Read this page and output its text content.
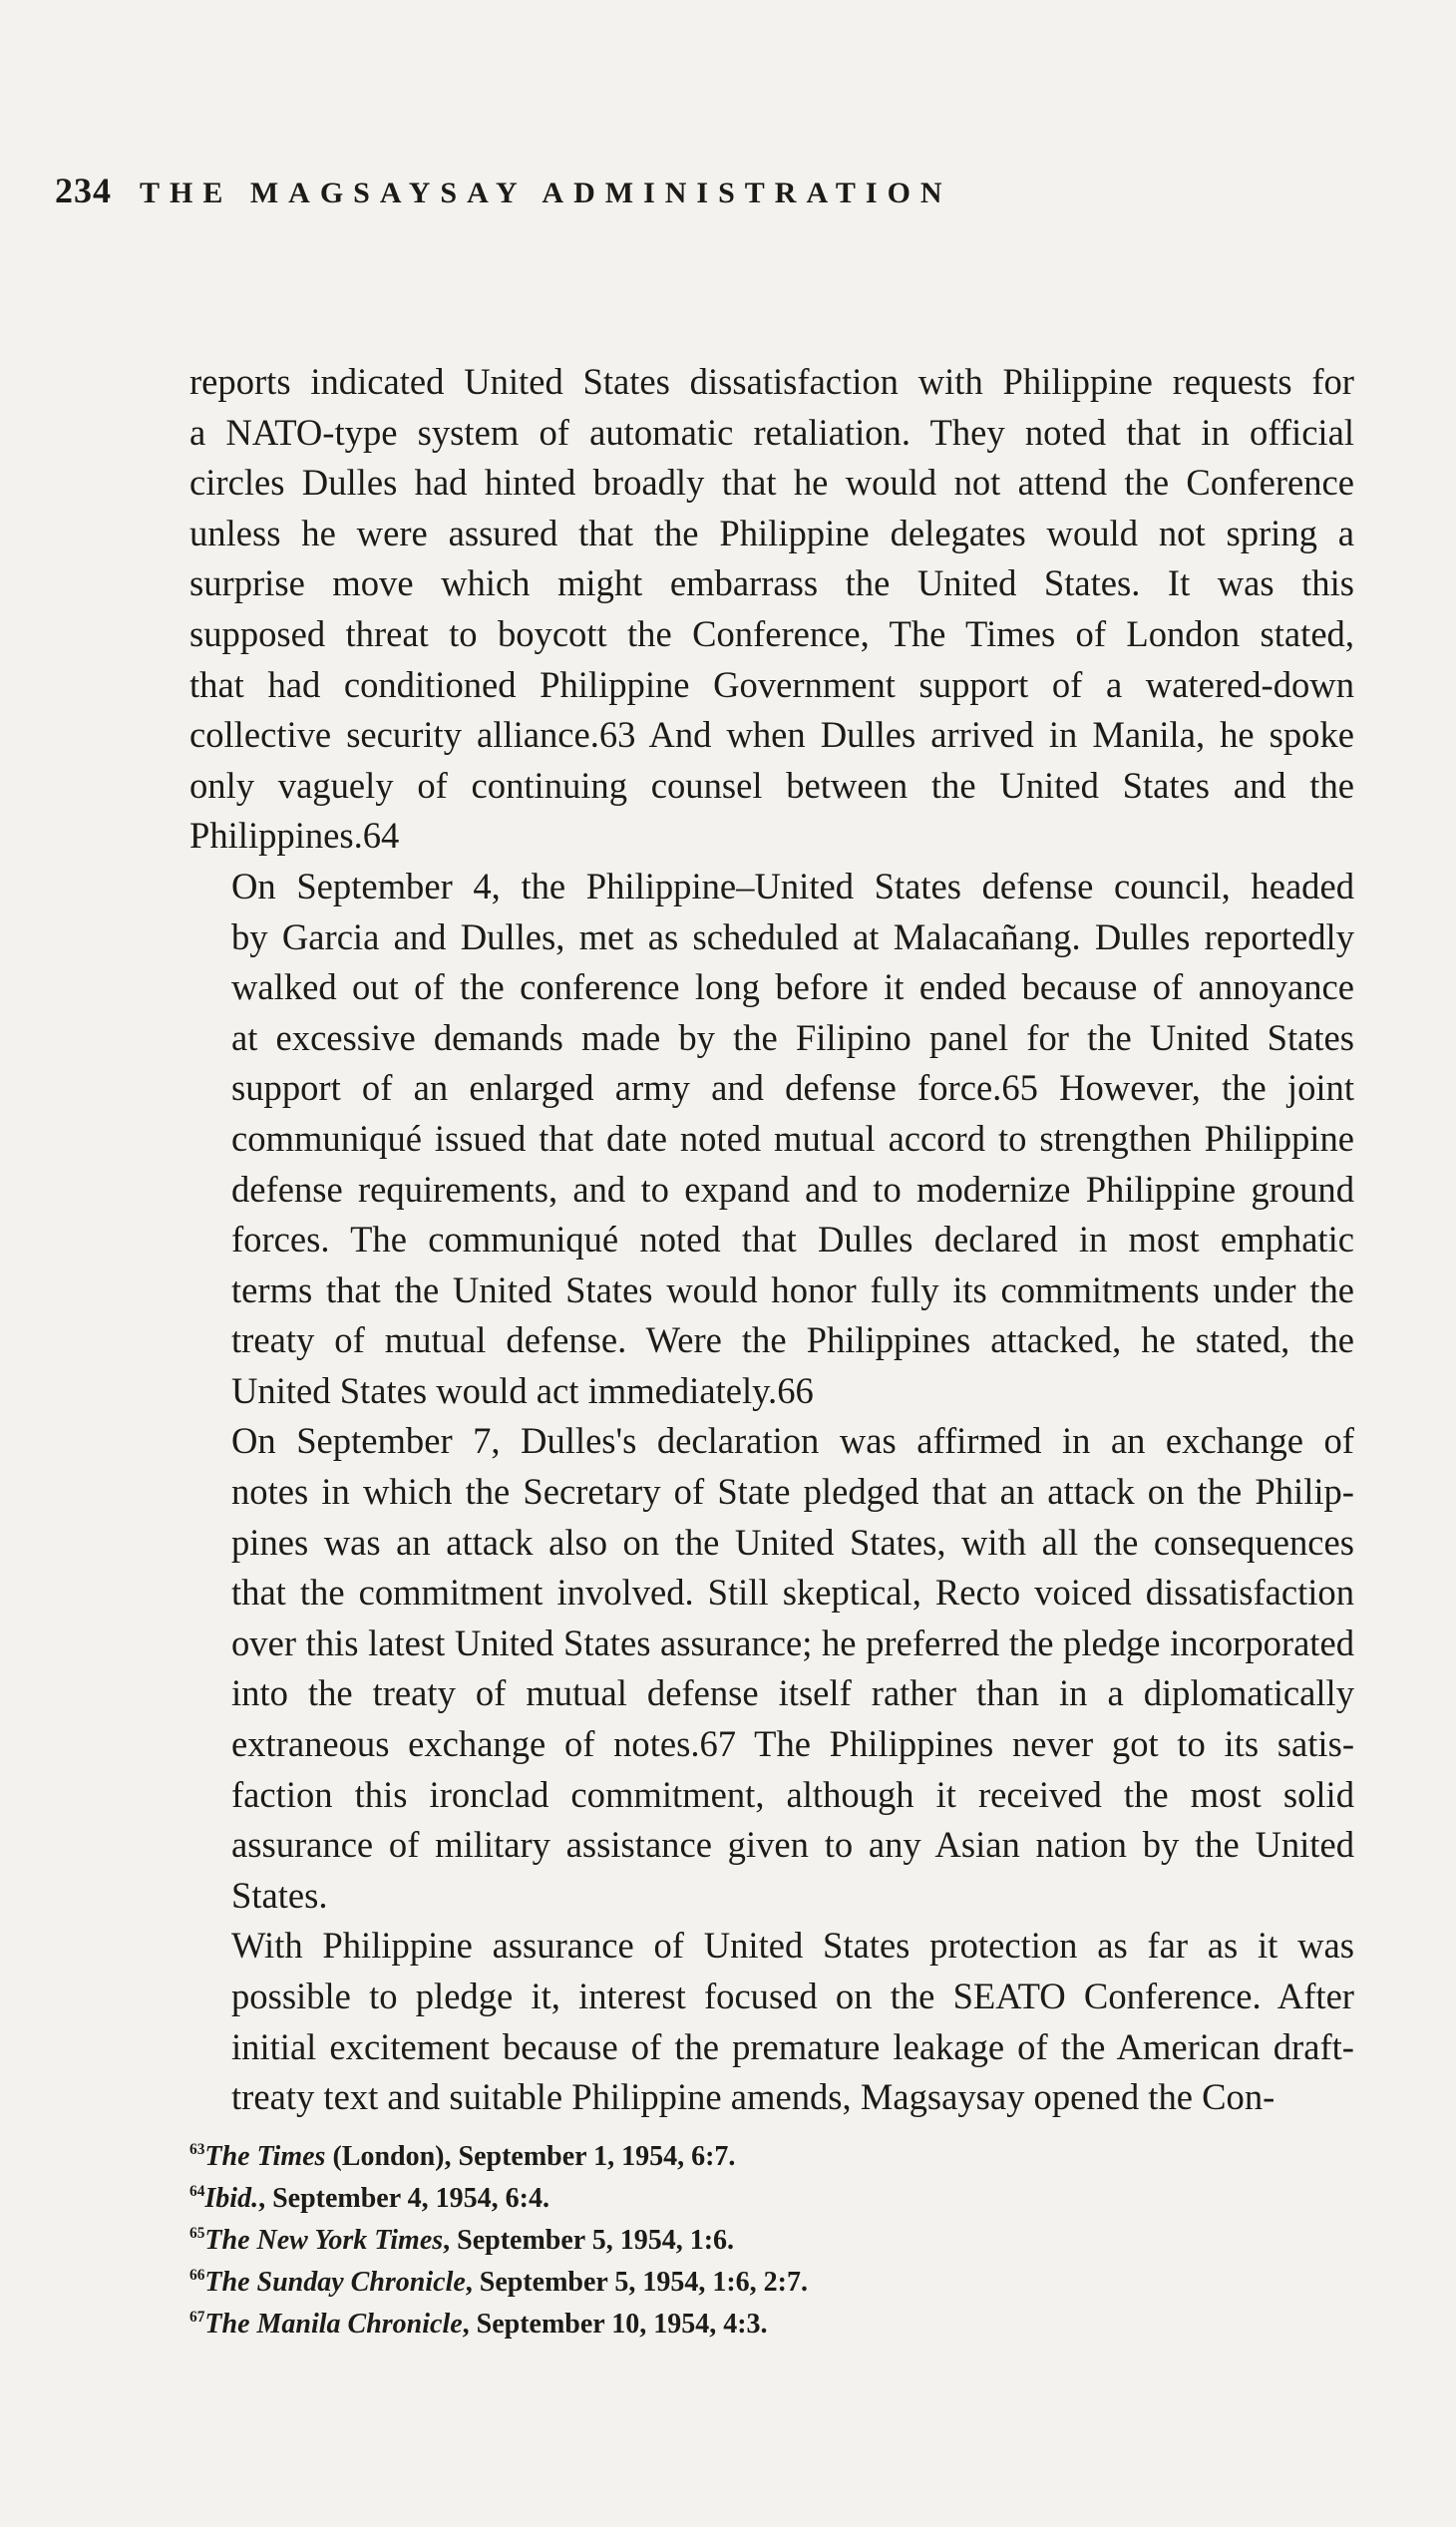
234 THE MAGSAYSAY ADMINISTRATION
reports indicated United States dissatisfaction with Philippine requests for
a NATO-type system of automatic retaliation. They noted that in official
circles Dulles had hinted broadly that he would not attend the Conference
unless he were assured that the Philippine delegates would not spring a
surprise move which might embarrass the United States. It was this
supposed threat to boycott the Conference, The Times of London stated,
that had conditioned Philippine Government support of a watered-down
collective security alliance.63 And when Dulles arrived in Manila, he spoke
only vaguely of continuing counsel between the United States and the
Philippines.64
On September 4, the Philippine–United States defense council, headed
by Garcia and Dulles, met as scheduled at Malacañang. Dulles reportedly
walked out of the conference long before it ended because of annoyance
at excessive demands made by the Filipino panel for the United States
support of an enlarged army and defense force.65 However, the joint
communiqué issued that date noted mutual accord to strengthen Philippine
defense requirements, and to expand and to modernize Philippine ground
forces. The communiqué noted that Dulles declared in most emphatic
terms that the United States would honor fully its commitments under the
treaty of mutual defense. Were the Philippines attacked, he stated, the
United States would act immediately.66
On September 7, Dulles's declaration was affirmed in an exchange of
notes in which the Secretary of State pledged that an attack on the Philip-
pines was an attack also on the United States, with all the consequences
that the commitment involved. Still skeptical, Recto voiced dissatisfaction
over this latest United States assurance; he preferred the pledge incorporated
into the treaty of mutual defense itself rather than in a diplomatically
extraneous exchange of notes.67 The Philippines never got to its satis-
faction this ironclad commitment, although it received the most solid
assurance of military assistance given to any Asian nation by the United
States.
With Philippine assurance of United States protection as far as it was
possible to pledge it, interest focused on the SEATO Conference. After
initial excitement because of the premature leakage of the American draft-
treaty text and suitable Philippine amends, Magsaysay opened the Con-
$^{63}$The Times (London), September 1, 1954, 6:7.
$^{64}$Ibid., September 4, 1954, 6:4.
$^{65}$The New York Times, September 5, 1954, 1:6.
$^{66}$The Sunday Chronicle, September 5, 1954, 1:6, 2:7.
$^{67}$The Manila Chronicle, September 10, 1954, 4:3.
